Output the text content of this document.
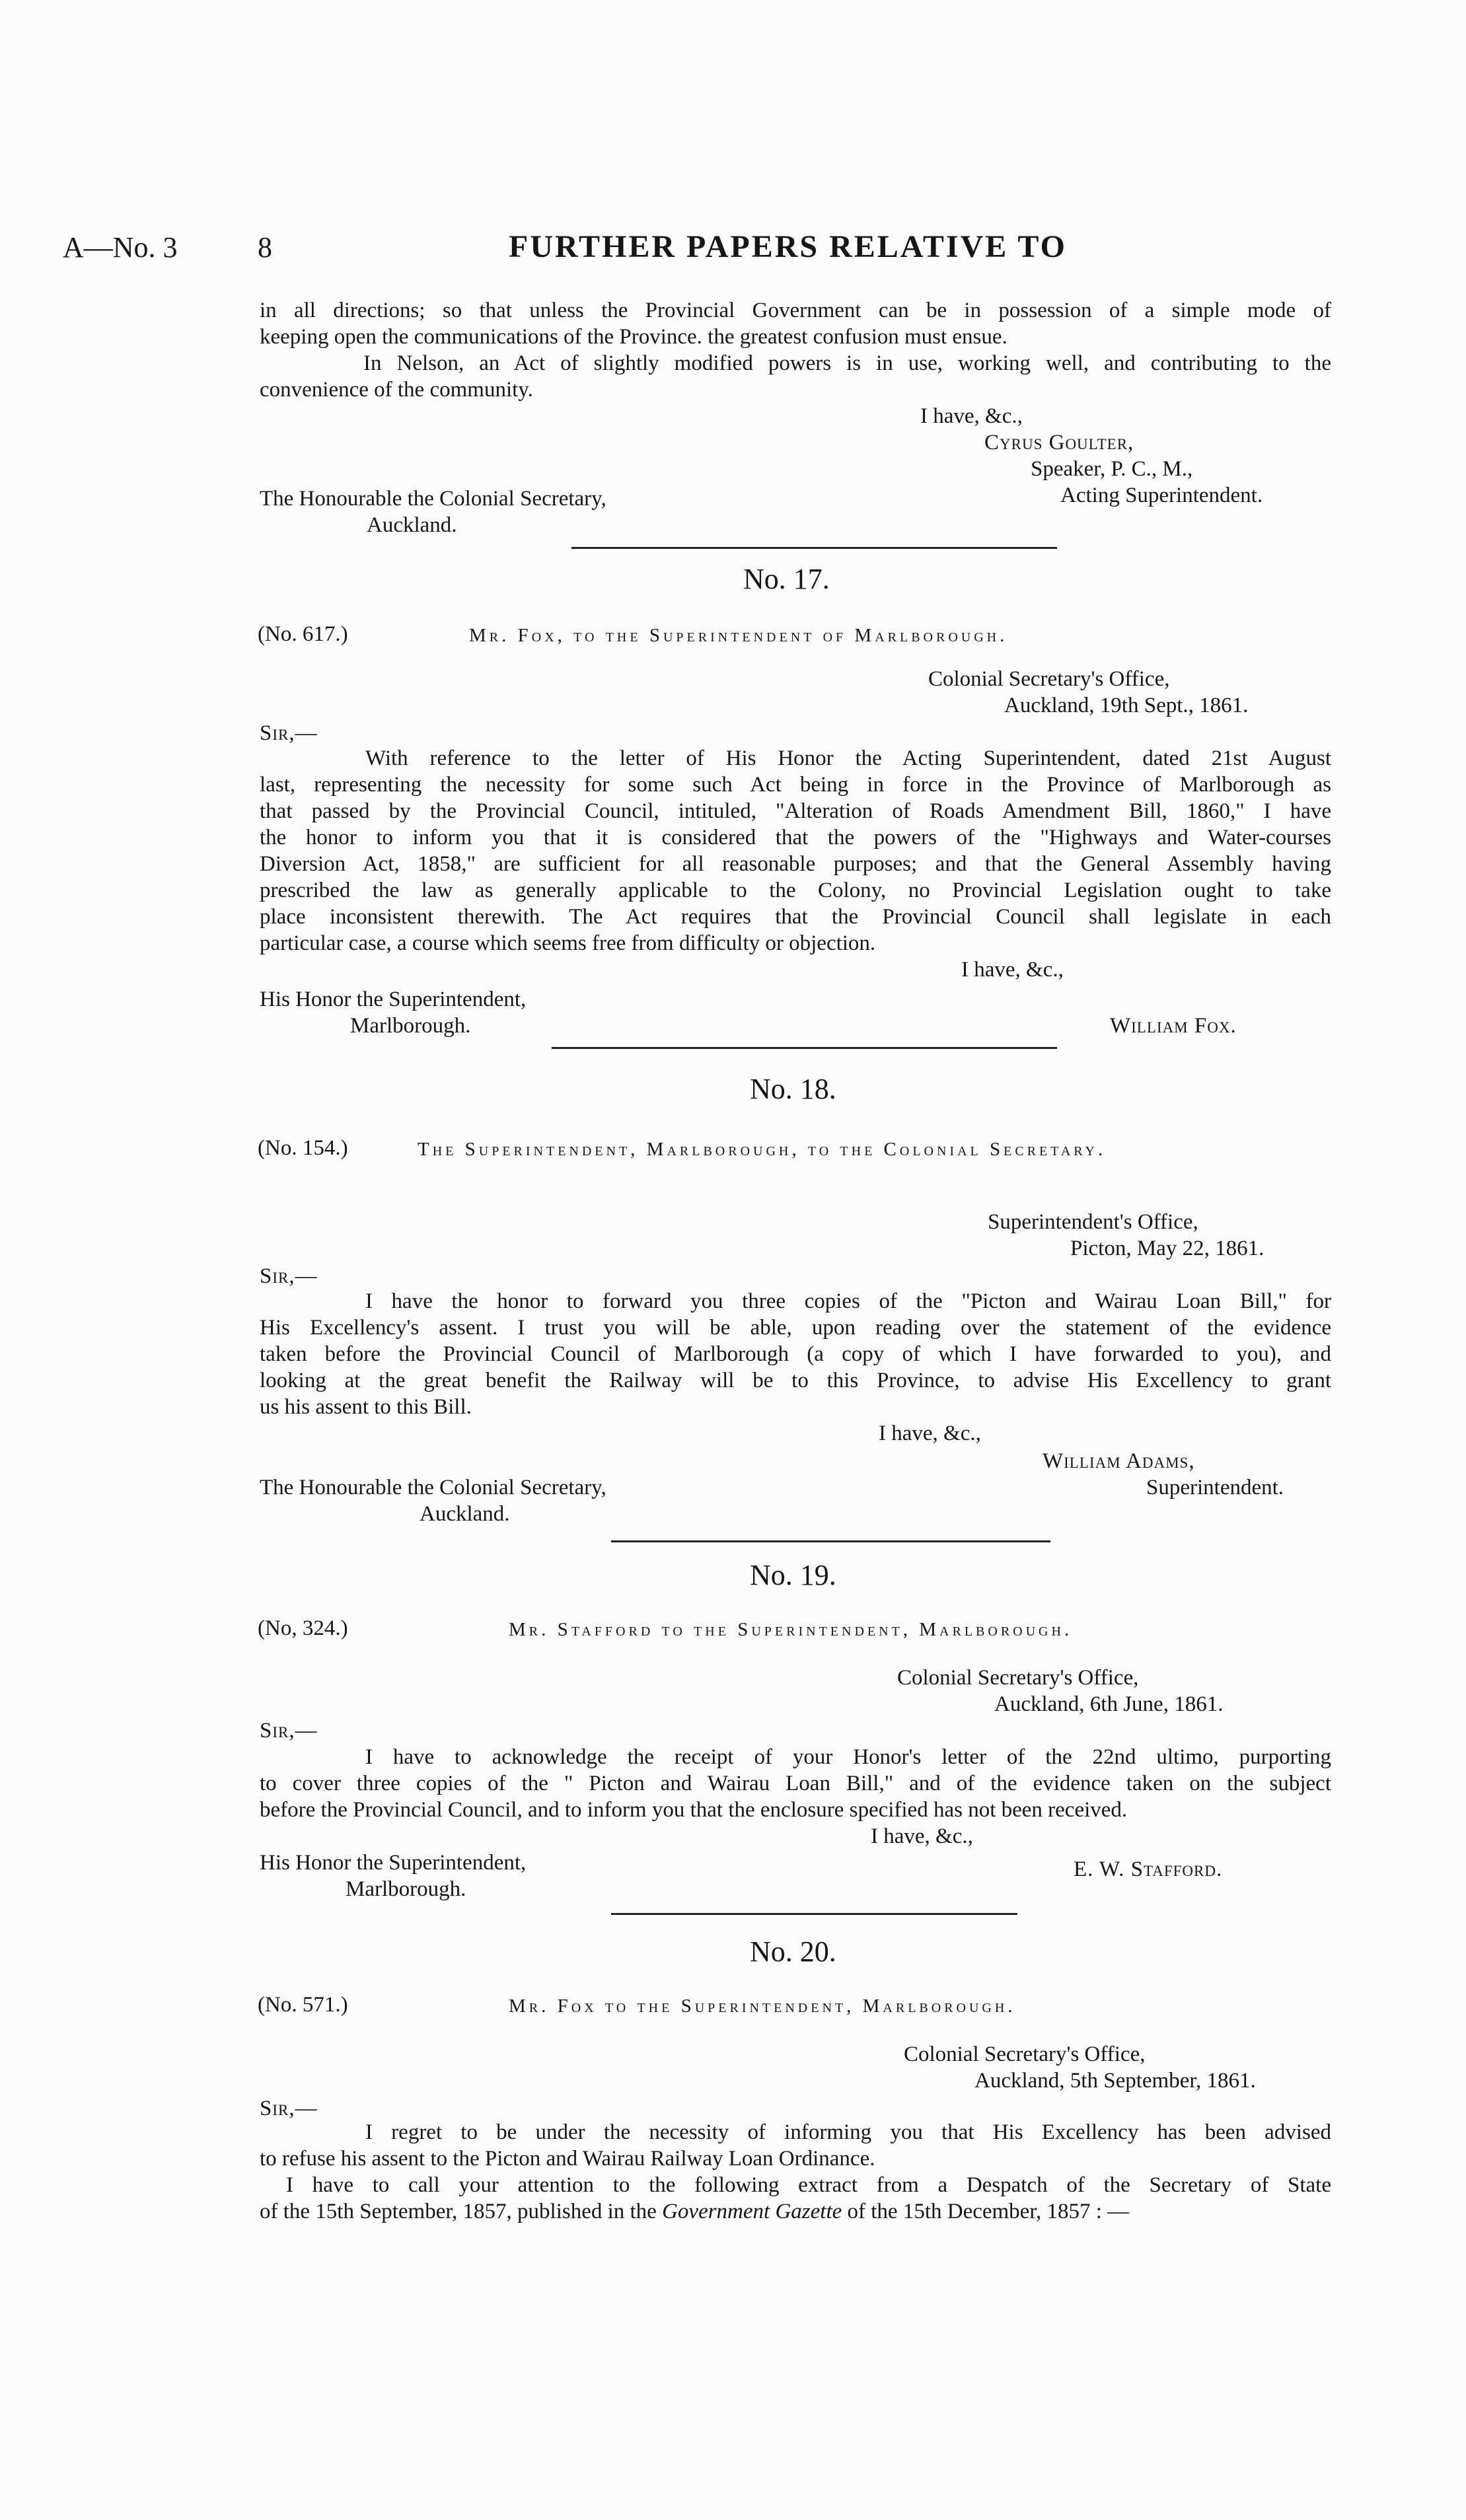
A—No. 3	8	FURTHER PAPERS RELATIVE TO
in all directions; so that unless the Provincial Government can be in possession of a simple mode of
keeping open the communications of the Province. the greatest confusion must ensue.
In Nelson, an Act of slightly modified powers is in use, working well, and contributing to the
convenience of the community.
I have, &c.,
Cyrus Goulter,
Speaker, P. C., M.,
Acting Superintendent.
The Honourable the Colonial Secretary,
Auckland.
No. 17.
(No. 617.)	Mr. Fox, to the Superintendent of Marlborough.
Colonial Secretary's Office,
Auckland, 19th Sept., 1861.
Sir,—
With reference to the letter of His Honor the Acting Superintendent, dated 21st August
last, representing the necessity for some such Act being in force in the Province of Marlborough as
that passed by the Provincial Council, intituled, "Alteration of Roads Amendment Bill, 1860," I have
the honor to inform you that it is considered that the powers of the "Highways and Water-courses
Diversion Act, 1858," are sufficient for all reasonable purposes; and that the General Assembly having
prescribed the law as generally applicable to the Colony, no Provincial Legislation ought to take
place inconsistent therewith. The Act requires that the Provincial Council shall legislate in each
particular case, a course which seems free from difficulty or objection.
I have, &c.,
His Honor the Superintendent,
Marlborough.	William Fox.
No. 18.
(No. 154.)	The Superintendent, Marlborough, to the Colonial Secretary.
Superintendent's Office,
Picton, May 22, 1861.
Sir,—
I have the honor to forward you three copies of the "Picton and Wairau Loan Bill," for
His Excellency's assent. I trust you will be able, upon reading over the statement of the evidence
taken before the Provincial Council of Marlborough (a copy of which I have forwarded to you), and
looking at the great benefit the Railway will be to this Province, to advise His Excellency to grant
us his assent to this Bill.
I have, &c.,
William Adams,
The Honourable the Colonial Secretary,	Superintendent.
Auckland.
No. 19.
(No, 324.)	Mr. Stafford to the Superintendent, Marlborough.
Colonial Secretary's Office,
Auckland, 6th June, 1861.
Sir,—
I have to acknowledge the receipt of your Honor's letter of the 22nd ultimo, purporting
to cover three copies of the " Picton and Wairau Loan Bill," and of the evidence taken on the subject
before the Provincial Council, and to inform you that the enclosure specified has not been received.
I have, &c.,
His Honor the Superintendent,	E. W. Stafford.
Marlborough.
No. 20.
(No. 571.)	Mr. Fox to the Superintendent, Marlborough.
Colonial Secretary's Office,
Auckland, 5th September, 1861.
Sir,—
I regret to be under the necessity of informing you that His Excellency has been advised
to refuse his assent to the Picton and Wairau Railway Loan Ordinance.
I have to call your attention to the following extract from a Despatch of the Secretary of State
of the 15th September, 1857, published in the Government Gazette of the 15th December, 1857 : —
